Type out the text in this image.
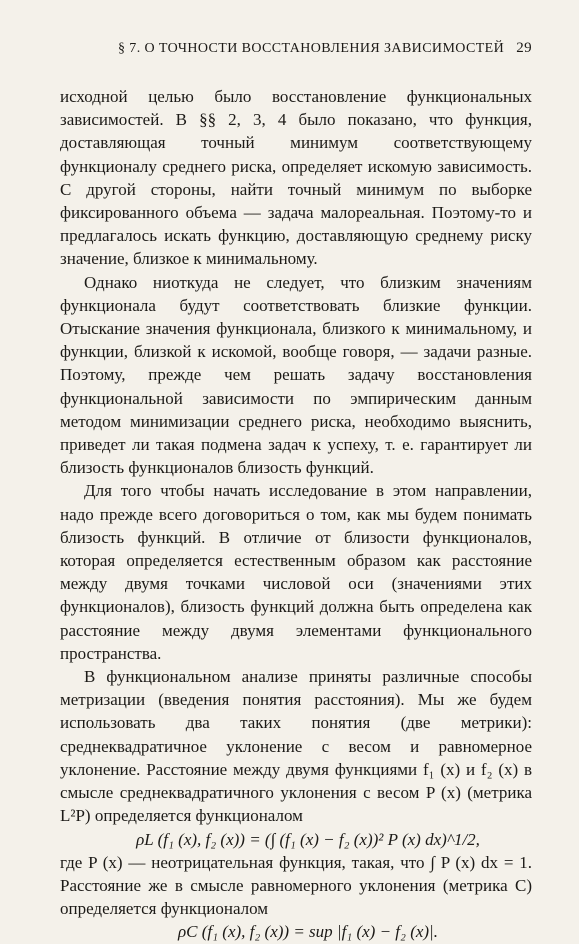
§ 7. О ТОЧНОСТИ ВОССТАНОВЛЕНИЯ ЗАВИСИМОСТЕЙ 29

исходной целью было восстановление функциональных зависимостей. В §§ 2, 3, 4 было показано, что функция, доставляющая точный минимум соответствующему функционалу среднего риска, определяет искомую зависимость. С другой стороны, найти точный минимум по выборке фиксированного объема — задача малореальная. Поэтому-то и предлагалось искать функцию, доставляющую среднему риску значение, близкое к минимальному.

Однако ниоткуда не следует, что близким значениям функционала будут соответствовать близкие функции. Отыскание значения функционала, близкого к минимальному, и функции, близкой к искомой, вообще говоря, — задачи разные. Поэтому, прежде чем решать задачу восстановления функциональной зависимости по эмпирическим данным методом минимизации среднего риска, необходимо выяснить, приведет ли такая подмена задач к успеху, т. е. гарантирует ли близость функционалов близость функций.

Для того чтобы начать исследование в этом направлении, надо прежде всего договориться о том, как мы будем понимать близость функций. В отличие от близости функционалов, которая определяется естественным образом как расстояние между двумя точками числовой оси (значениями этих функционалов), близость функций должна быть определена как расстояние между двумя элементами функционального пространства.

В функциональном анализе приняты различные способы метризации (введения понятия расстояния). Мы же будем использовать два таких понятия (две метрики): среднеквадратичное уклонение с весом и равномерное уклонение. Расстояние между двумя функциями f₁ (x) и f₂ (x) в смысле среднеквадратичного уклонения с весом P (x) (метрика L²P) определяется функционалом

ρL (f₁ (x), f₂ (x)) = (∫ (f₁ (x) − f₂ (x))² P (x) dx)^1/2,

где P (x) — неотрицательная функция, такая, что ∫ P (x) dx = 1. Расстояние же в смысле равномерного уклонения (метрика C) определяется функционалом

ρC (f₁ (x), f₂ (x)) = sup |f₁ (x) − f₂ (x)|.
